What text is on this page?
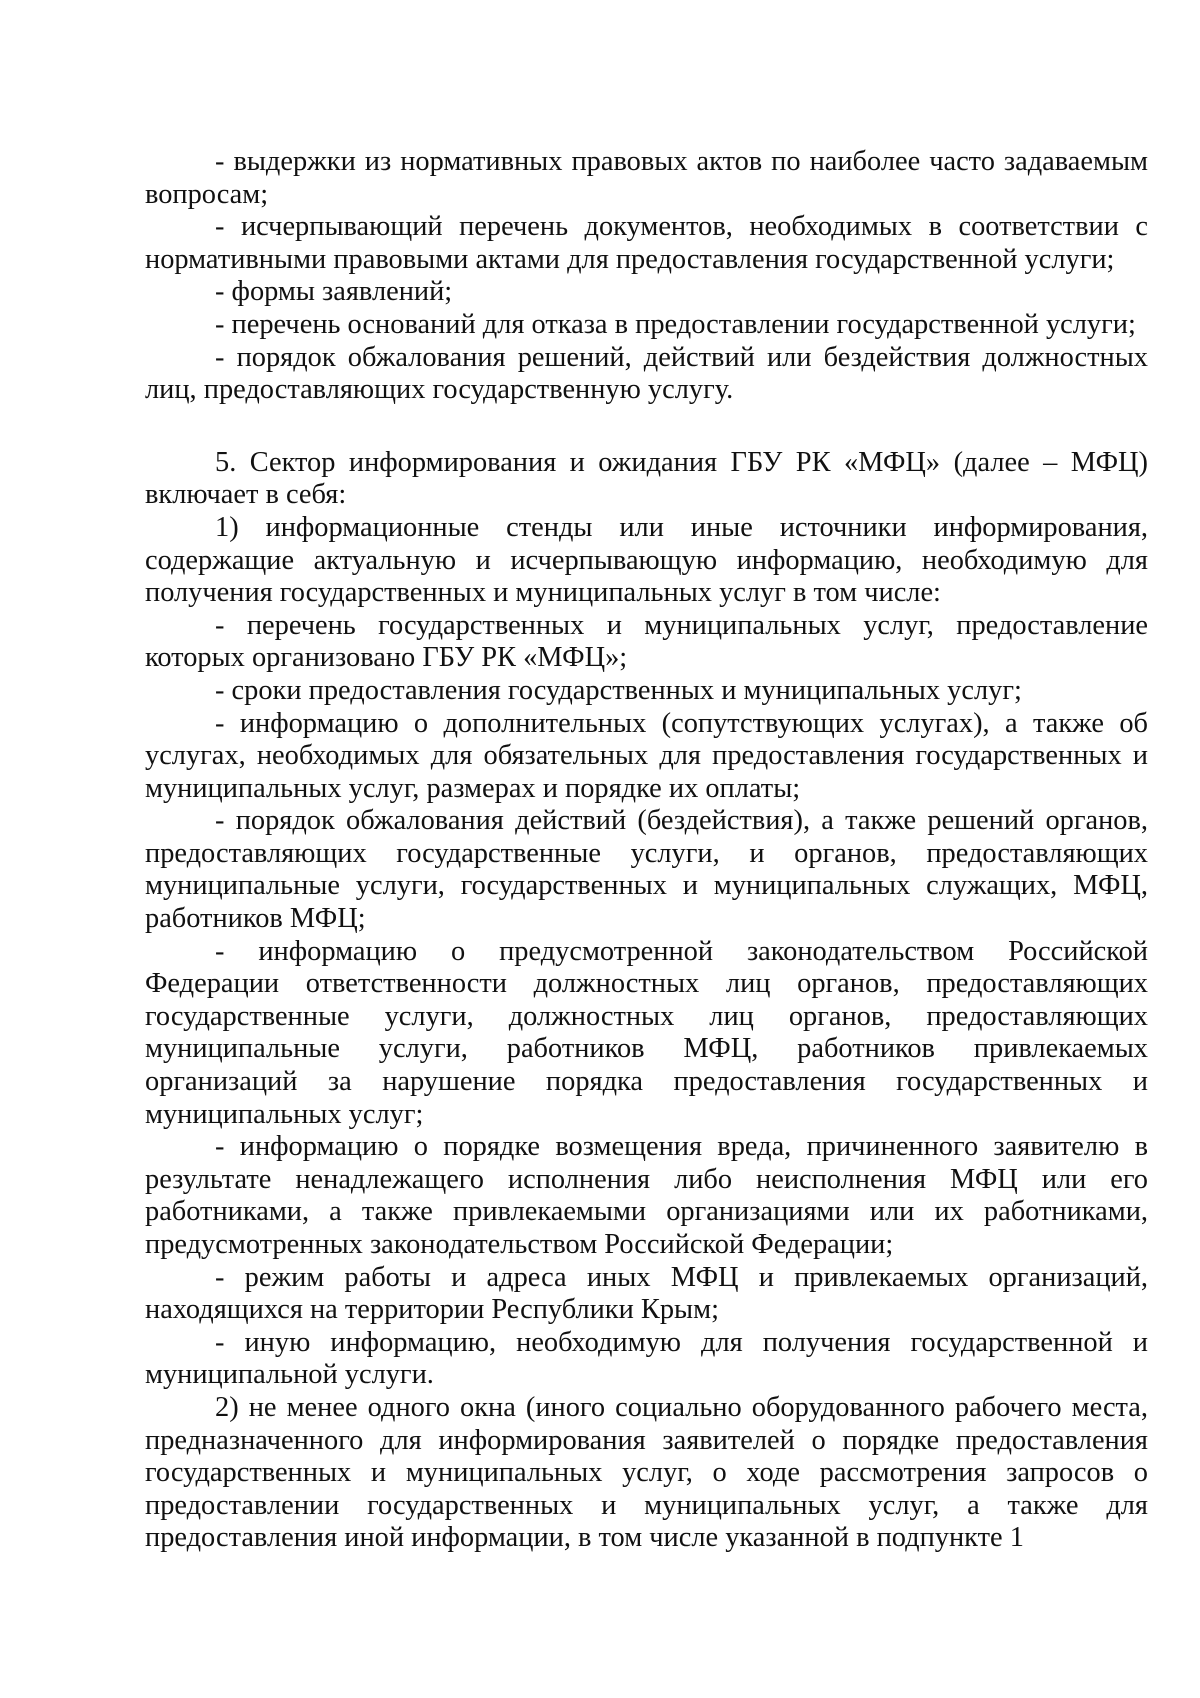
- выдержки из нормативных правовых актов по наиболее часто задаваемым вопросам;

- исчерпывающий перечень документов, необходимых в соответствии с нормативными правовыми актами для предоставления государственной услуги;

- формы заявлений;

- перечень оснований для отказа в предоставлении государственной услуги;

- порядок обжалования решений, действий или бездействия должностных лиц, предоставляющих государственную услугу.

5. Сектор информирования и ожидания ГБУ РК «МФЦ» (далее – МФЦ) включает в себя:

1) информационные стенды или иные источники информирования, содержащие актуальную и исчерпывающую информацию, необходимую для получения государственных и муниципальных услуг в том числе:

- перечень государственных и муниципальных услуг, предоставление которых организовано ГБУ РК «МФЦ»;

- сроки предоставления государственных и муниципальных услуг;

- информацию о дополнительных (сопутствующих услугах), а также об услугах, необходимых для обязательных для предоставления государственных и муниципальных услуг, размерах и порядке их оплаты;

- порядок обжалования действий (бездействия), а также решений органов, предоставляющих государственные услуги, и органов, предоставляющих муниципальные услуги, государственных и муниципальных служащих, МФЦ, работников МФЦ;

- информацию о предусмотренной законодательством Российской Федерации ответственности должностных лиц органов, предоставляющих государственные услуги, должностных лиц органов, предоставляющих муниципальные услуги, работников МФЦ, работников привлекаемых организаций за нарушение порядка предоставления государственных и муниципальных услуг;

- информацию о порядке возмещения вреда, причиненного заявителю в результате ненадлежащего исполнения либо неисполнения МФЦ или его работниками, а также привлекаемыми организациями или их работниками, предусмотренных законодательством Российской Федерации;

- режим работы и адреса иных МФЦ и привлекаемых организаций, находящихся на территории Республики Крым;

- иную информацию, необходимую для получения государственной и муниципальной услуги.

2) не менее одного окна (иного социально оборудованного рабочего места, предназначенного для информирования заявителей о порядке предоставления государственных и муниципальных услуг, о ходе рассмотрения запросов о предоставлении государственных и муниципальных услуг, а также для предоставления иной информации, в том числе указанной в подпункте 1
